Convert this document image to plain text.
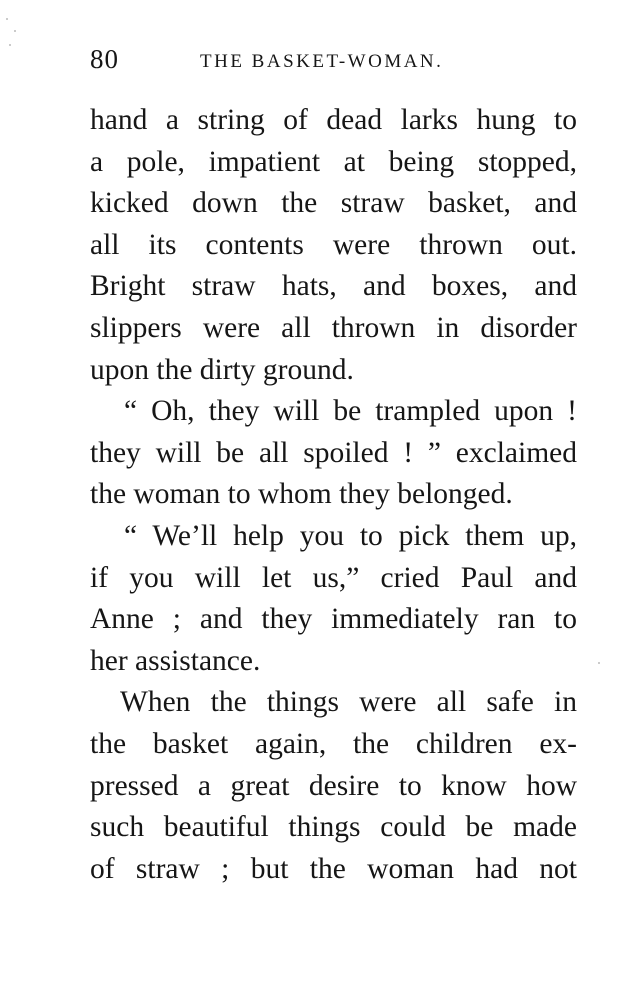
80	THE BASKET-WOMAN.
hand a string of dead larks hung to
a pole, impatient at being stopped,
kicked down the straw basket, and
all its contents were thrown out.
Bright straw hats, and boxes, and
slippers were all thrown in disorder
upon the dirty ground.
“ Oh, they will be trampled upon !
they will be all spoiled ! ” exclaimed
the woman to whom they belonged.
“ We’ll help you to pick them up,
if you will let us,” cried Paul and
Anne ; and they immediately ran to
her assistance.
When the things were all safe in
the basket again, the children ex-
pressed a great desire to know how
such beautiful things could be made
of straw ; but the woman had not
